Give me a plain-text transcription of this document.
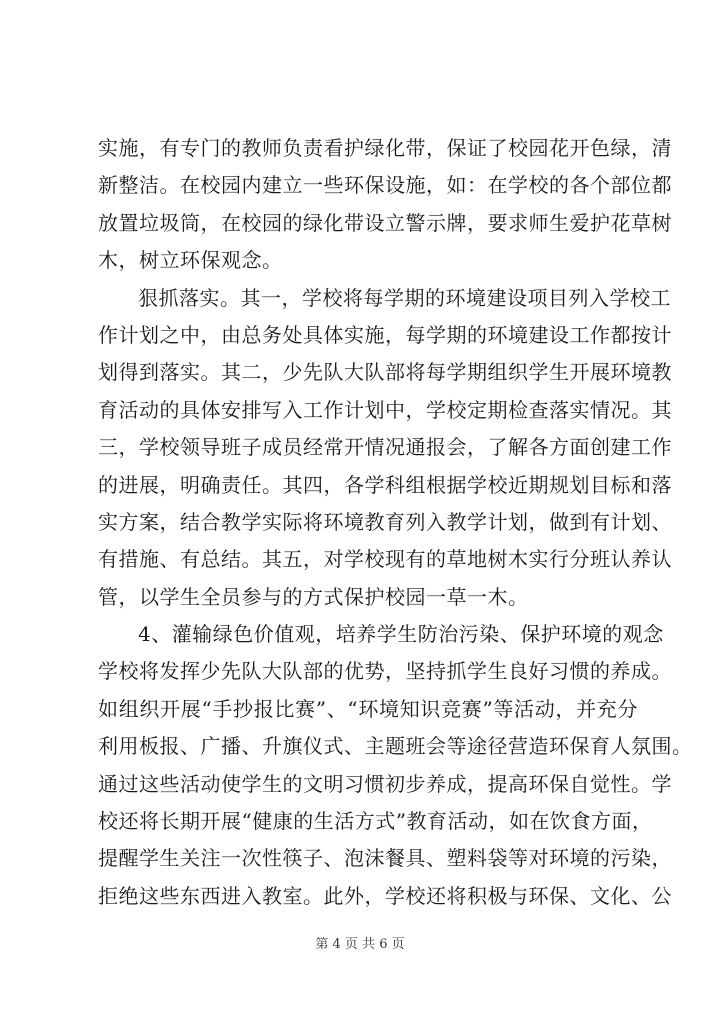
实施，有专门的教师负责看护绿化带，保证了校园花开色绿，清
新整洁。在校园内建立一些环保设施，如：在学校的各个部位都
放置垃圾筒，在校园的绿化带设立警示牌，要求师生爱护花草树
木，树立环保观念。
狠抓落实。其一，学校将每学期的环境建设项目列入学校工
作计划之中，由总务处具体实施，每学期的环境建设工作都按计
划得到落实。其二，少先队大队部将每学期组织学生开展环境教
育活动的具体安排写入工作计划中，学校定期检查落实情况。其
三，学校领导班子成员经常开情况通报会，了解各方面创建工作
的进展，明确责任。其四，各学科组根据学校近期规划目标和落
实方案，结合教学实际将环境教育列入教学计划，做到有计划、
有措施、有总结。其五，对学校现有的草地树木实行分班认养认
管，以学生全员参与的方式保护校园一草一木。
4、灌输绿色价值观，培养学生防治污染、保护环境的观念
学校将发挥少先队大队部的优势，坚持抓学生良好习惯的养成。
如组织开展“手抄报比赛”、“环境知识竞赛”等活动，并充分
利用板报、广播、升旗仪式、主题班会等途径营造环保育人氛围。
通过这些活动使学生的文明习惯初步养成，提高环保自觉性。学
校还将长期开展“健康的生活方式”教育活动，如在饮食方面，
提醒学生关注一次性筷子、泡沫餐具、塑料袋等对环境的污染，
拒绝这些东西进入教室。此外，学校还将积极与环保、文化、公
第 4 页 共 6 页
